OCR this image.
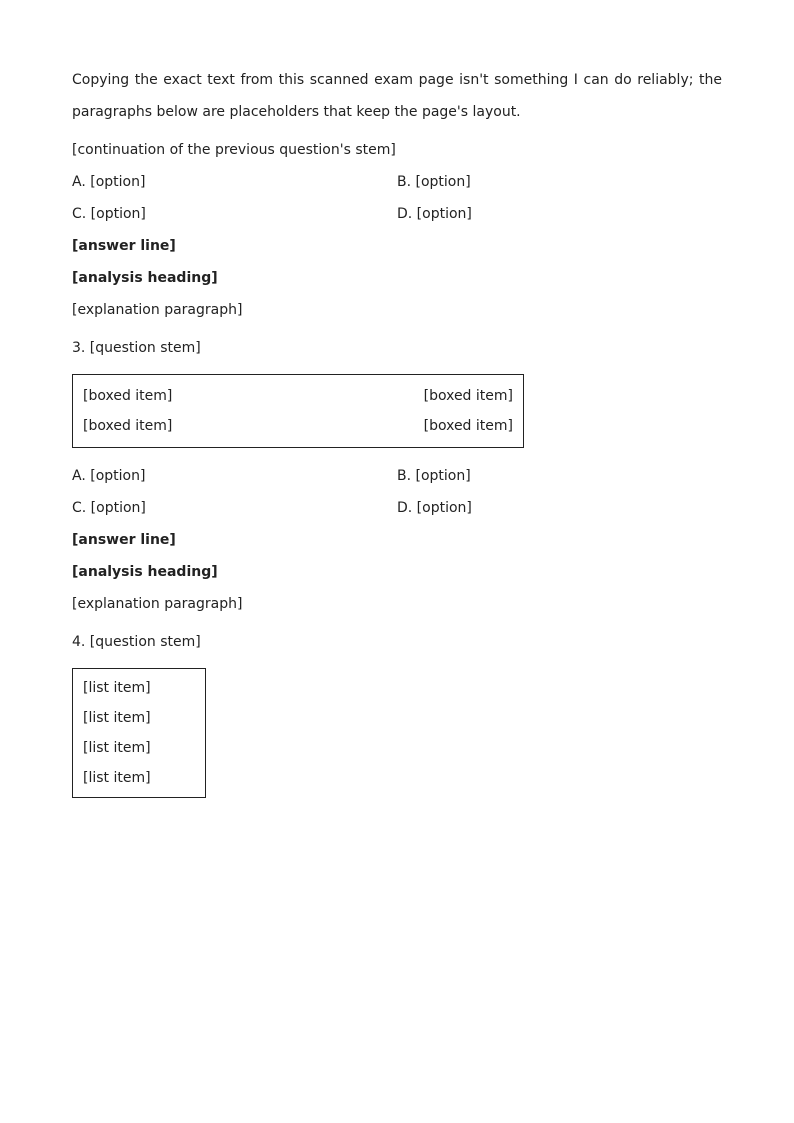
Copying the exact text from this scanned exam page isn't something I can do reliably; the paragraphs below are placeholders that keep the page's layout.

[continuation of the previous question's stem]

A. [option]	B. [option]
C. [option]	D. [option]

[answer line]

[analysis heading]

[explanation paragraph]

3. [question stem]

[boxed item]	[boxed item]
[boxed item]	[boxed item]
A. [option]	B. [option]
C. [option]	D. [option]

[answer line]

[analysis heading]

[explanation paragraph]

4. [question stem]

[list item]
[list item]
[list item]
[list item]
